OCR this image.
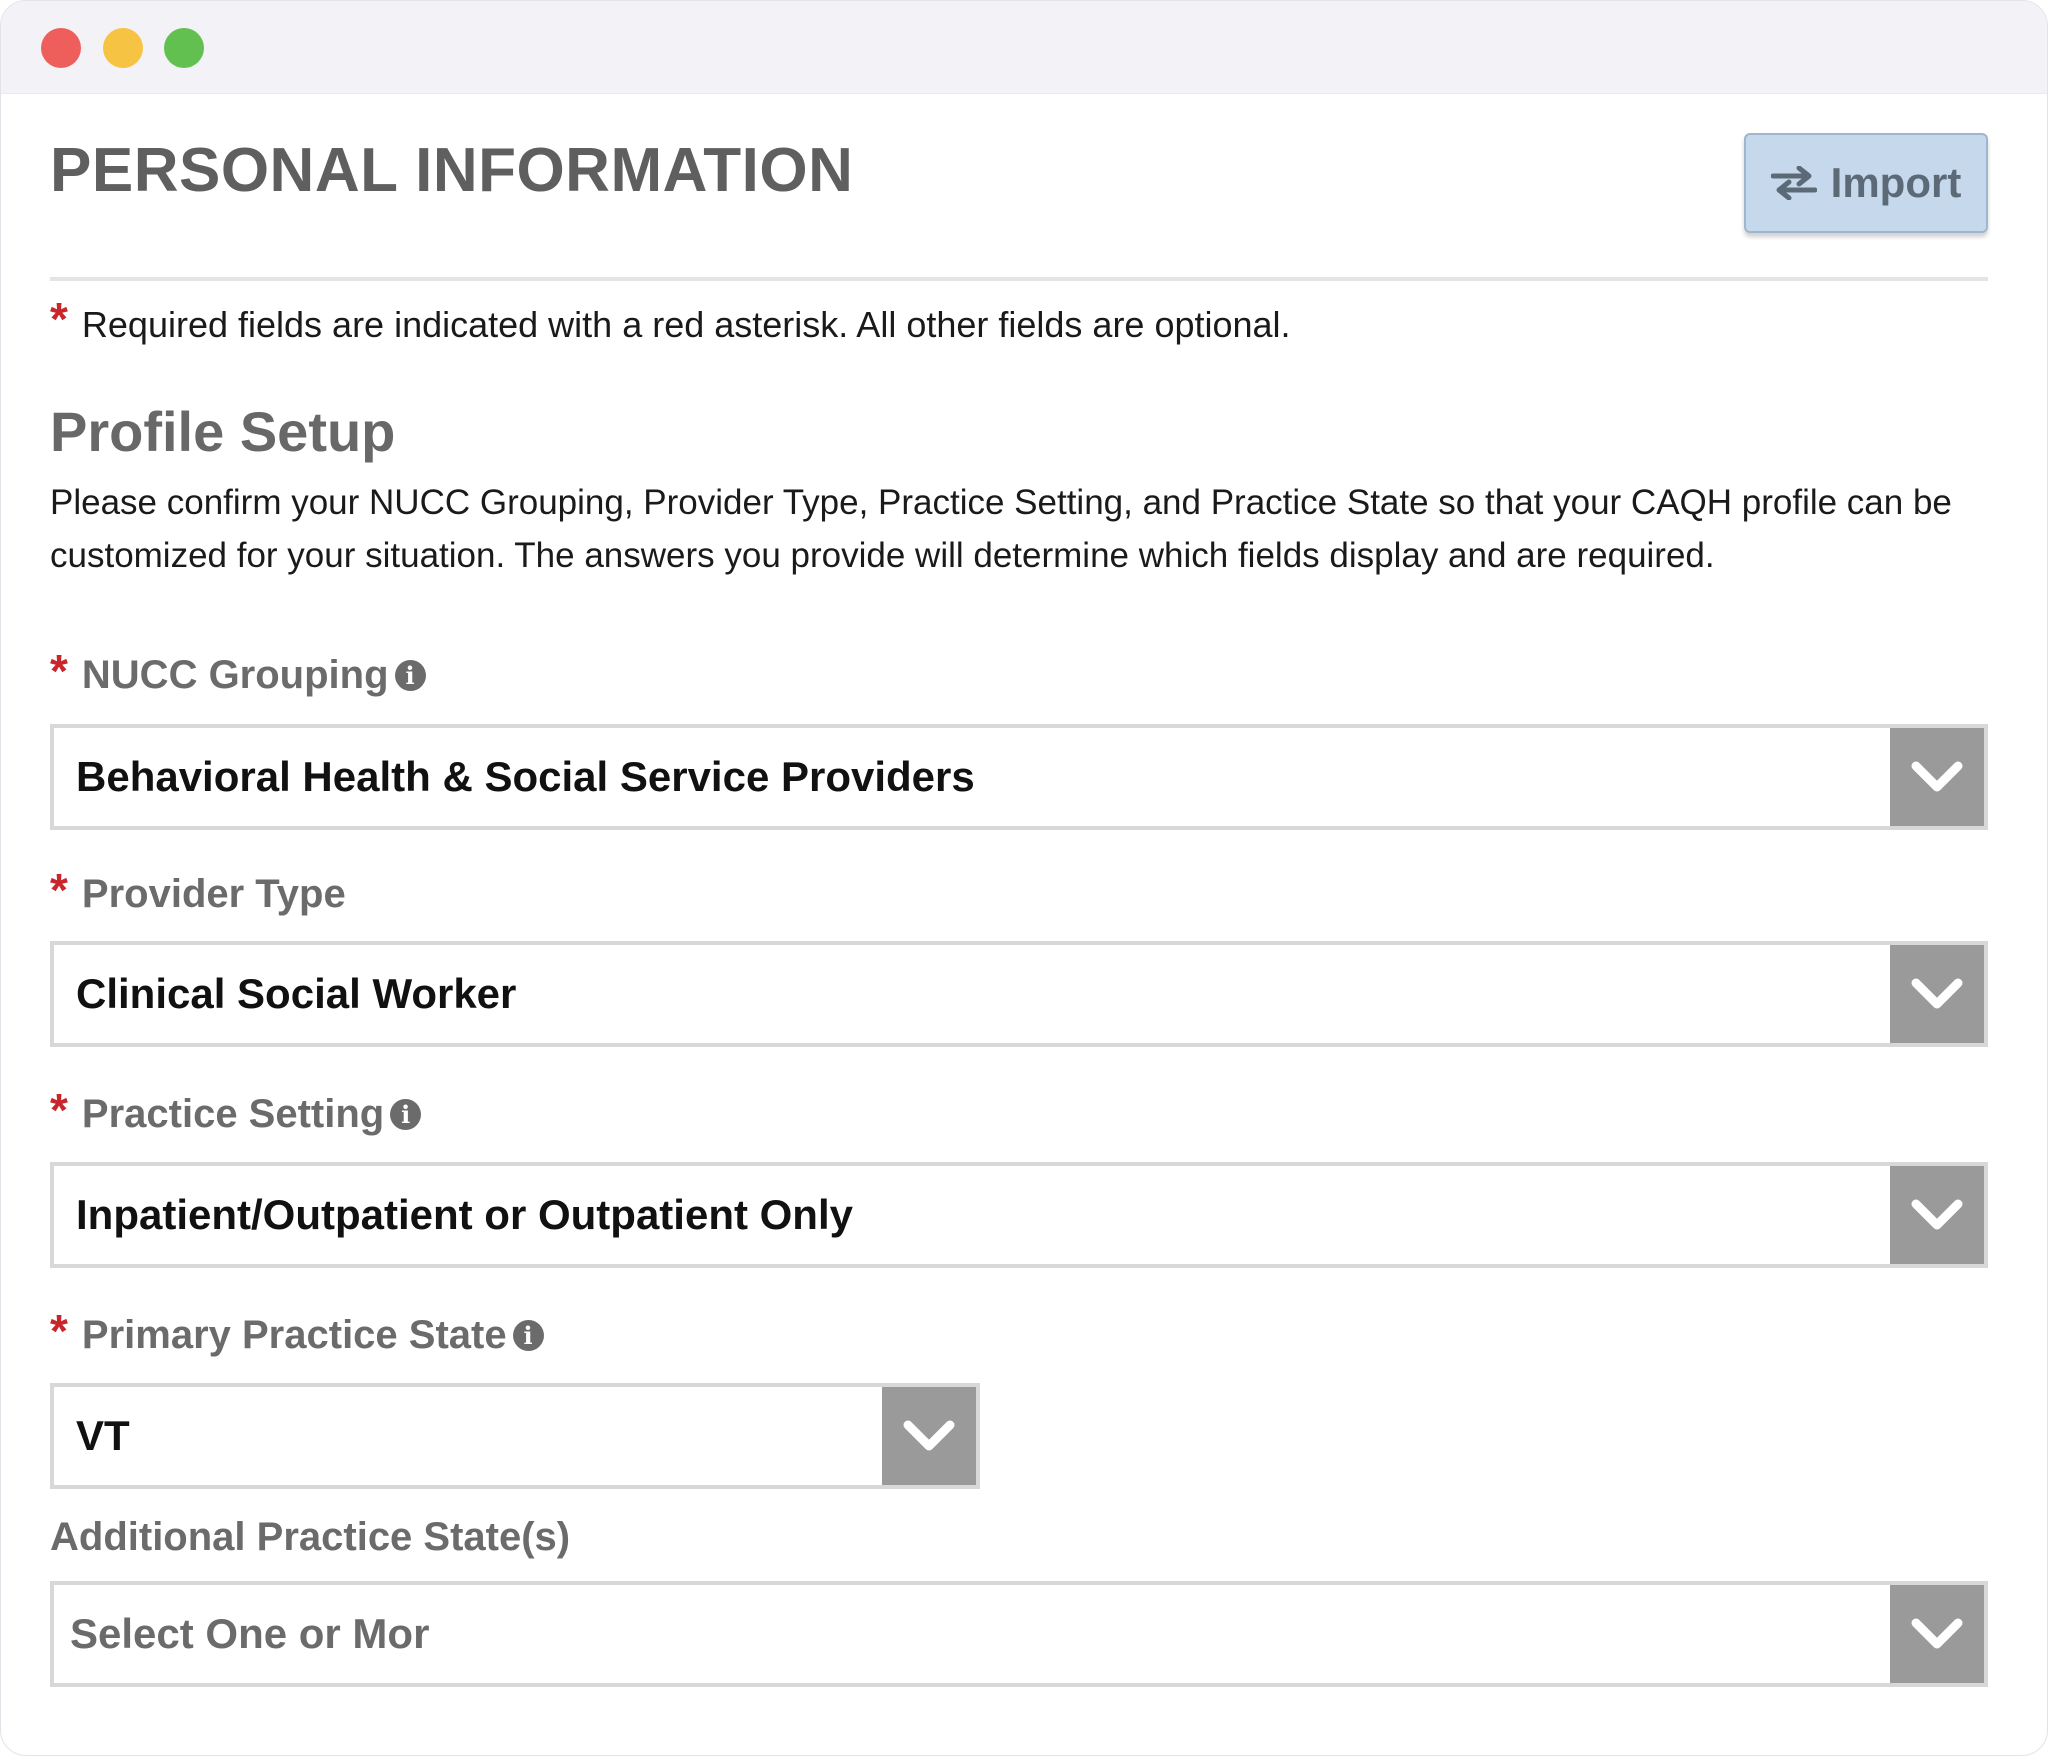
PERSONAL INFORMATION	Import
* Required fields are indicated with a red asterisk. All other fields are optional.
Profile Setup
Please confirm your NUCC Grouping, Provider Type, Practice Setting, and Practice State so that your CAQH profile can be customized for your situation. The answers you provide will determine which fields display and are required.
* NUCC Grouping i
Behavioral Health & Social Service Providers
* Provider Type
Clinical Social Worker
* Practice Setting i
Inpatient/Outpatient or Outpatient Only
* Primary Practice State i
VT
Additional Practice State(s)
Select One or Mor
